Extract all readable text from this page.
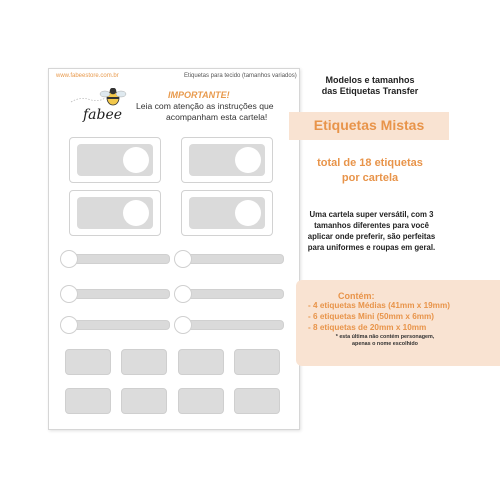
www.fabeestore.com.br	Etiquetas para tecido (tamanhos variados)
fabee
IMPORTANTE!
Leia com atenção as instruções que
acompanham esta cartela!
Modelos e tamanhos
das Etiquetas Transfer
Etiquetas Mistas
total de 18 etiquetas
por cartela
Uma cartela super versátil, com 3
tamanhos diferentes para você
aplicar onde preferir, são perfeitas
para uniformes e roupas em geral.
Contém:
- 4 etiquetas Médias (41mm x 19mm)
- 6 etiquetas Mini (50mm x 6mm)
- 8 etiquetas de 20mm x 10mm
* esta última não contém personagem,
apenas o nome escolhido
